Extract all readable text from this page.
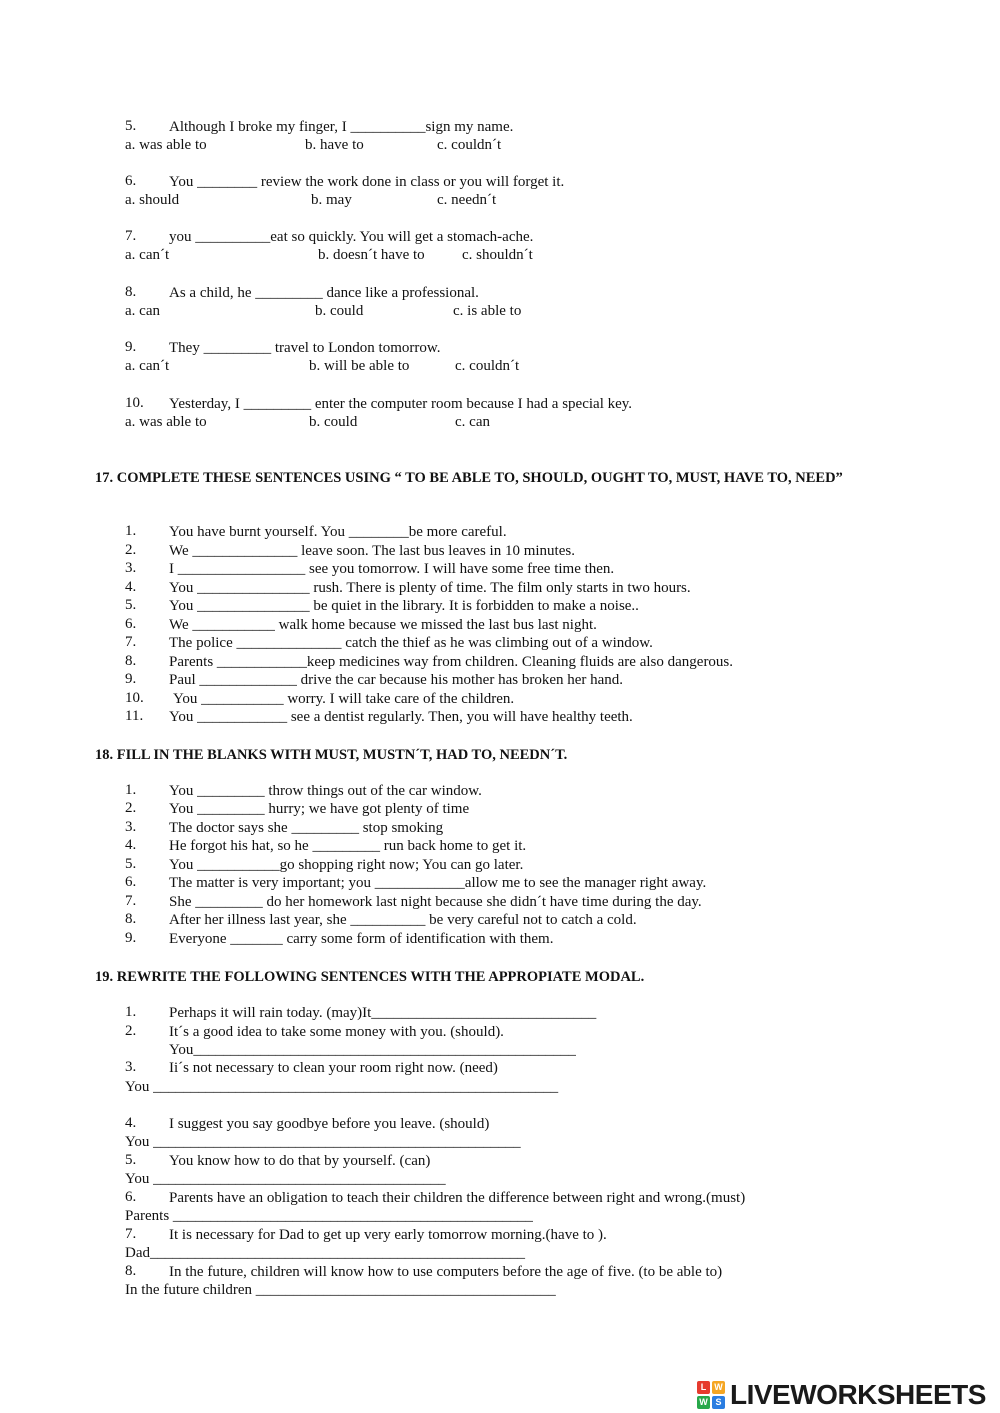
5. Although I broke my finger, I __________sign my name.
a. was able to	b. have to	c. couldn´t
6. You ________ review the work done in class or you will forget it.
a. should	b. may	c. needn´t
7. you __________eat so quickly. You will get a stomach-ache.
a. can´t	b. doesn´t have to c. shouldn´t
8. As a child, he _________ dance like a professional.
a. can	b. could	c. is able to
9. They _________ travel to London tomorrow.
a. can´t	b. will be able to	c. couldn´t
10. Yesterday, I _________ enter the computer room because I had a special key.
a. was able to	b. could	c. can
17. COMPLETE THESE SENTENCES USING “ TO BE ABLE TO, SHOULD, OUGHT TO, MUST, HAVE TO, NEED”
1. You have burnt yourself. You ________be more careful.
2. We ______________ leave soon. The last bus leaves in 10 minutes.
3. I _________________ see you tomorrow. I will have some free time then.
4. You _______________ rush. There is plenty of time. The film only starts in two hours.
5. You _______________ be quiet in the library. It is forbidden to make a noise..
6. We ___________ walk home because we missed the last bus last night.
7. The police ______________ catch the thief as he was climbing out of a window.
8. Parents ____________keep medicines way from children. Cleaning fluids are also dangerous.
9. Paul _____________ drive the car because his mother has broken her hand.
10. You ___________ worry. I will take care of the children.
11. You ____________ see a dentist regularly. Then, you will have healthy teeth.
18. FILL IN THE BLANKS WITH MUST, MUSTN´T, HAD TO, NEEDN´T.
1. You _________ throw things out of the car window.
2. You _________ hurry; we have got plenty of time
3. The doctor says she _________ stop smoking
4. He forgot his hat, so he _________ run back home to get it.
5. You ___________go shopping right now; You can go later.
6. The matter is very important; you ____________allow me to see the manager right away.
7. She _________ do her homework last night because she didn´t have time during the day.
8. After her illness last year, she __________ be very careful not to catch a cold.
9. Everyone _______ carry some form of identification with them.
19. REWRITE THE FOLLOWING SENTENCES WITH THE APPROPIATE MODAL.
1. Perhaps it will rain today. (may)It______________________________
2. It´s a good idea to take some money with you. (should).
You___________________________________________________
3. Ii´s not necessary to clean your room right now. (need)
You ______________________________________________________
4. I suggest you say goodbye before you leave. (should)
You _________________________________________________
5. You know how to do that by yourself. (can)
You _______________________________________
6. Parents have an obligation to teach their children the difference between right and wrong.(must)
Parents ________________________________________________
7. It is necessary for Dad to get up very early tomorrow morning.(have to ).
Dad__________________________________________________
8. In the future, children will know how to use computers before the age of five. (to be able to)
In the future children ________________________________________
L W
W S LIVEWORKSHEETS
